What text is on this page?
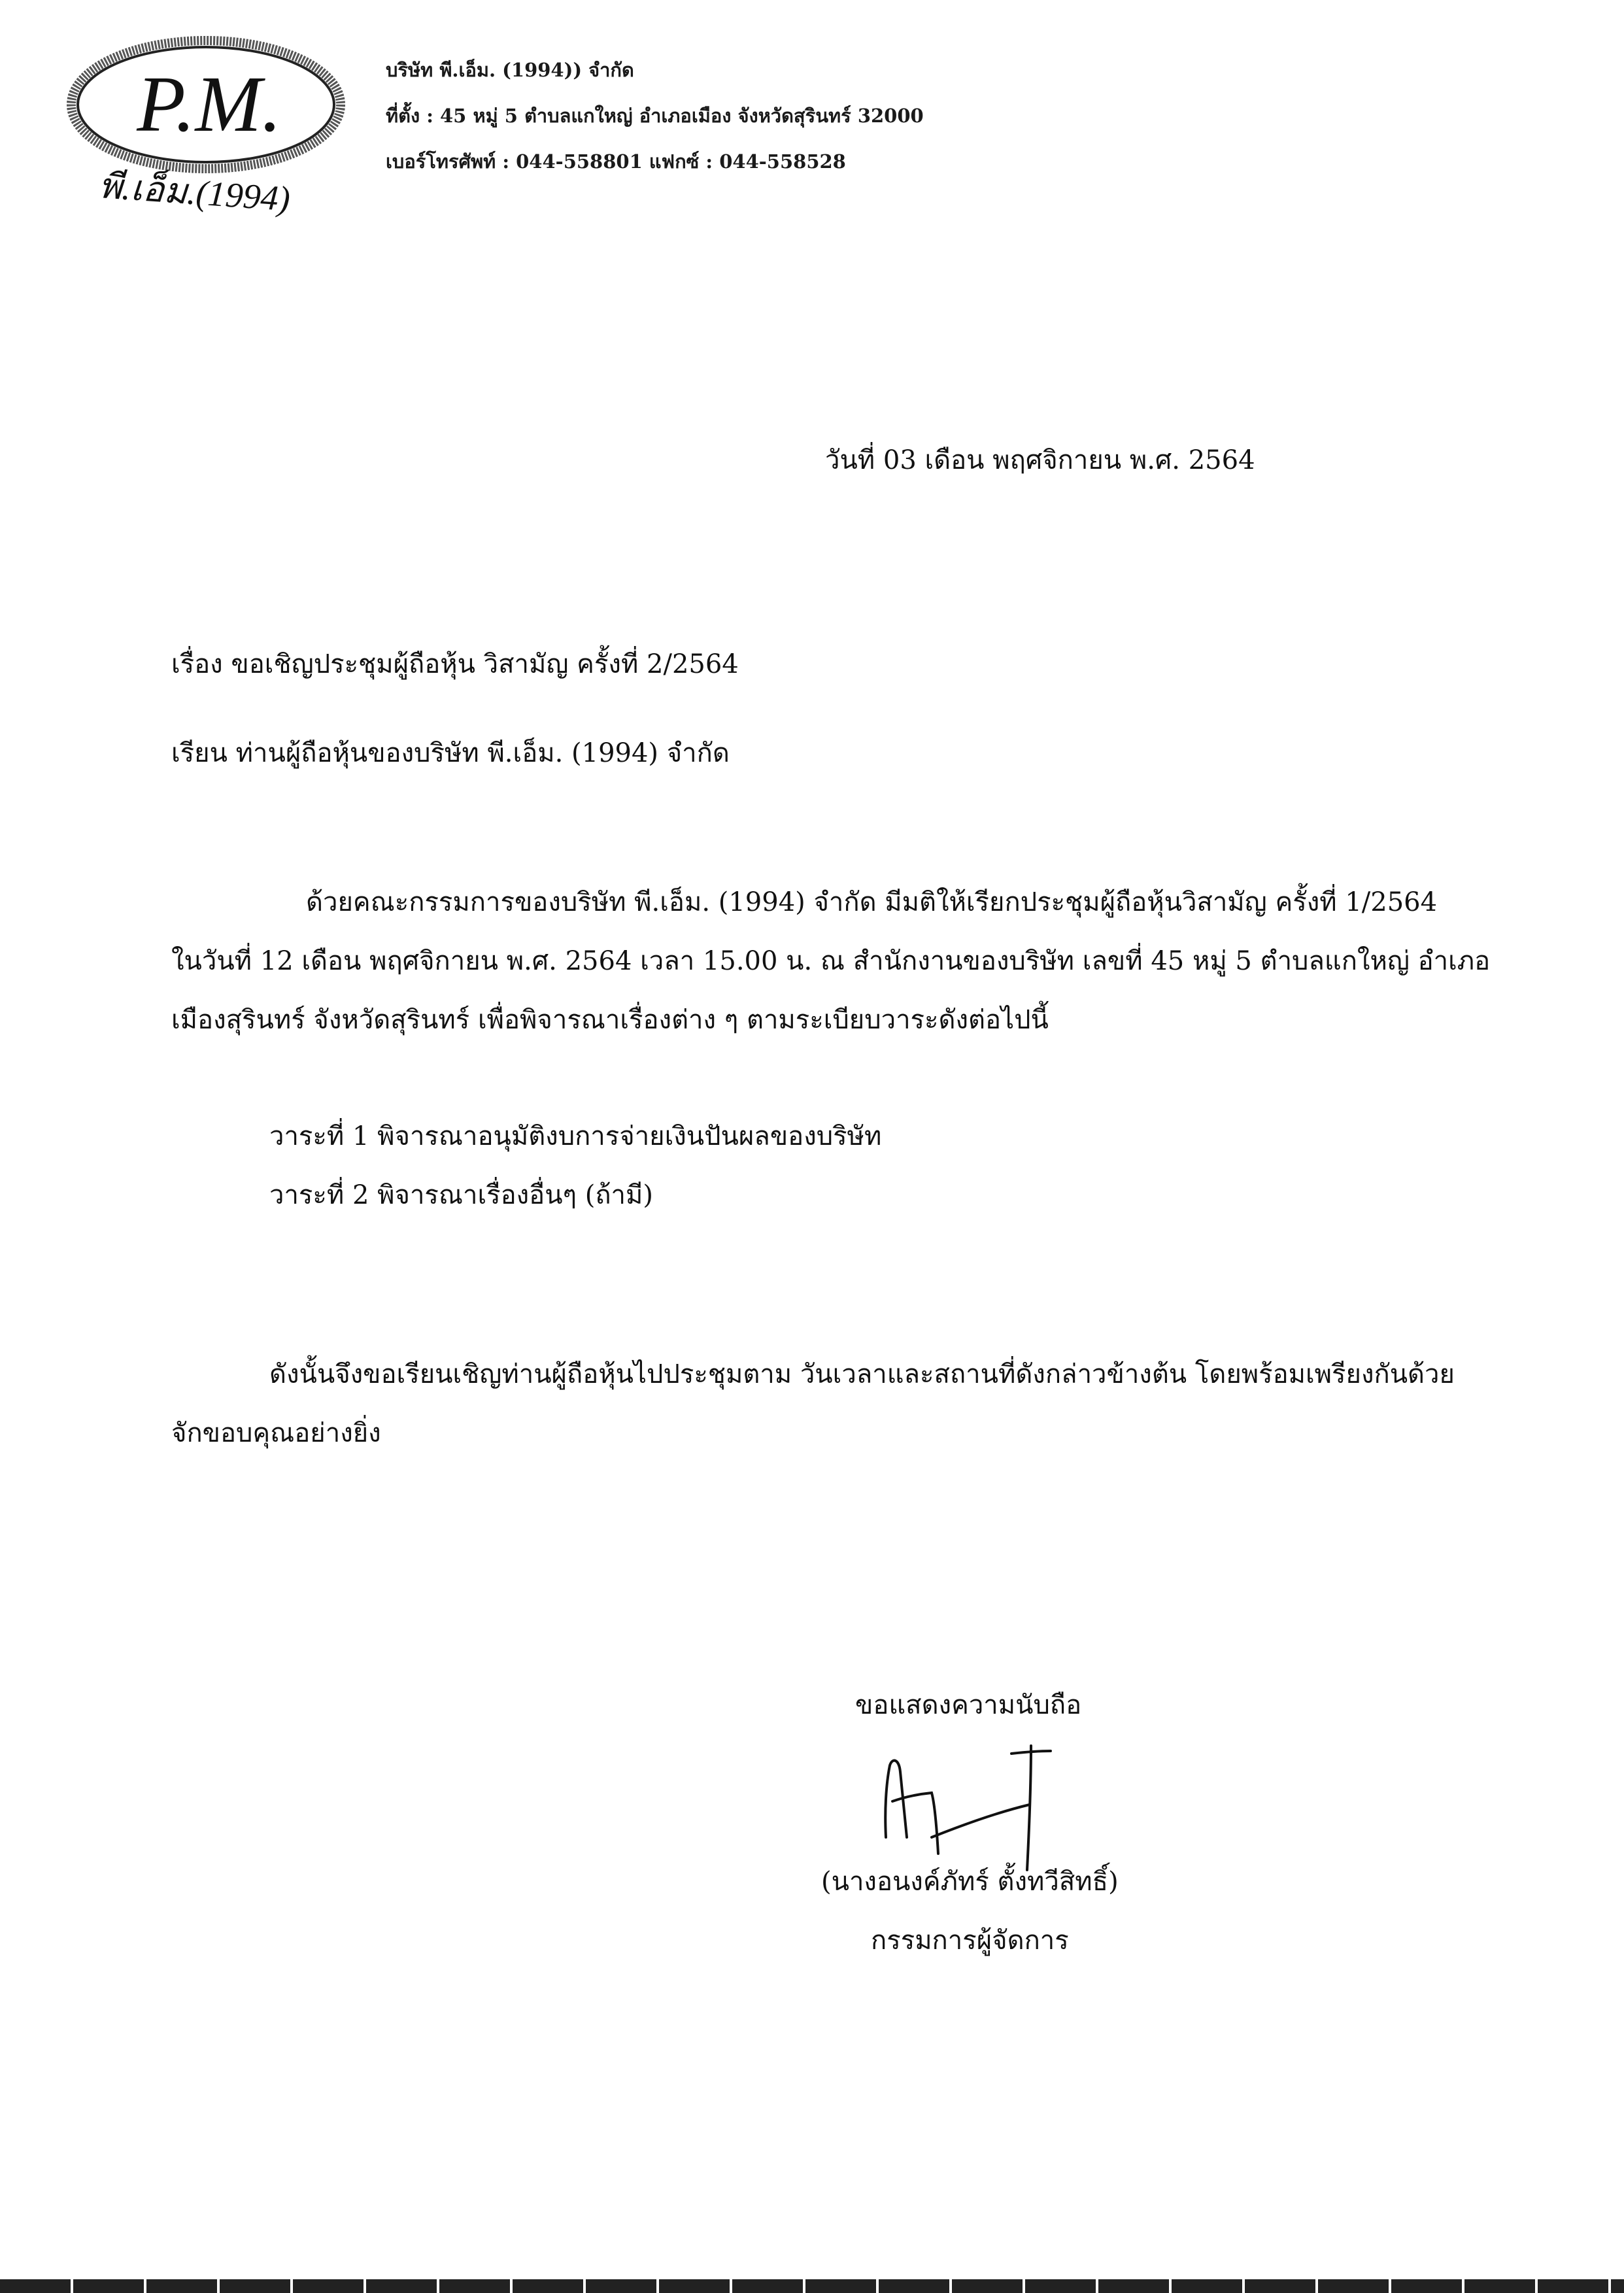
P.M.
พี.เอ็ม.(1994)
บริษัท พี.เอ็ม. (1994)) จำกัด
ที่ตั้ง : 45 หมู่ 5 ตำบลแกใหญ่ อำเภอเมือง จังหวัดสุรินทร์ 32000
เบอร์โทรศัพท์ : 044-558801 แฟกซ์ : 044-558528
วันที่ 03 เดือน พฤศจิกายน พ.ศ. 2564
เรื่อง ขอเชิญประชุมผู้ถือหุ้น วิสามัญ ครั้งที่ 2/2564
เรียน ท่านผู้ถือหุ้นของบริษัท พี.เอ็ม. (1994) จำกัด
ด้วยคณะกรรมการของบริษัท พี.เอ็ม. (1994) จำกัด มีมติให้เรียกประชุมผู้ถือหุ้นวิสามัญ ครั้งที่ 1/2564
ในวันที่ 12 เดือน พฤศจิกายน พ.ศ. 2564 เวลา 15.00 น. ณ สำนักงานของบริษัท เลขที่ 45 หมู่ 5 ตำบลแกใหญ่ อำเภอ
เมืองสุรินทร์ จังหวัดสุรินทร์ เพื่อพิจารณาเรื่องต่าง ๆ ตามระเบียบวาระดังต่อไปนี้
วาระที่ 1 พิจารณาอนุมัติงบการจ่ายเงินปันผลของบริษัท
วาระที่ 2 พิจารณาเรื่องอื่นๆ (ถ้ามี)
ดังนั้นจึงขอเรียนเชิญท่านผู้ถือหุ้นไปประชุมตาม วันเวลาและสถานที่ดังกล่าวข้างต้น โดยพร้อมเพรียงกันด้วย
จักขอบคุณอย่างยิ่ง
ขอแสดงความนับถือ
(นางอนงค์ภัทร์ ตั้งทวีสิทธิ์)
กรรมการผู้จัดการ
